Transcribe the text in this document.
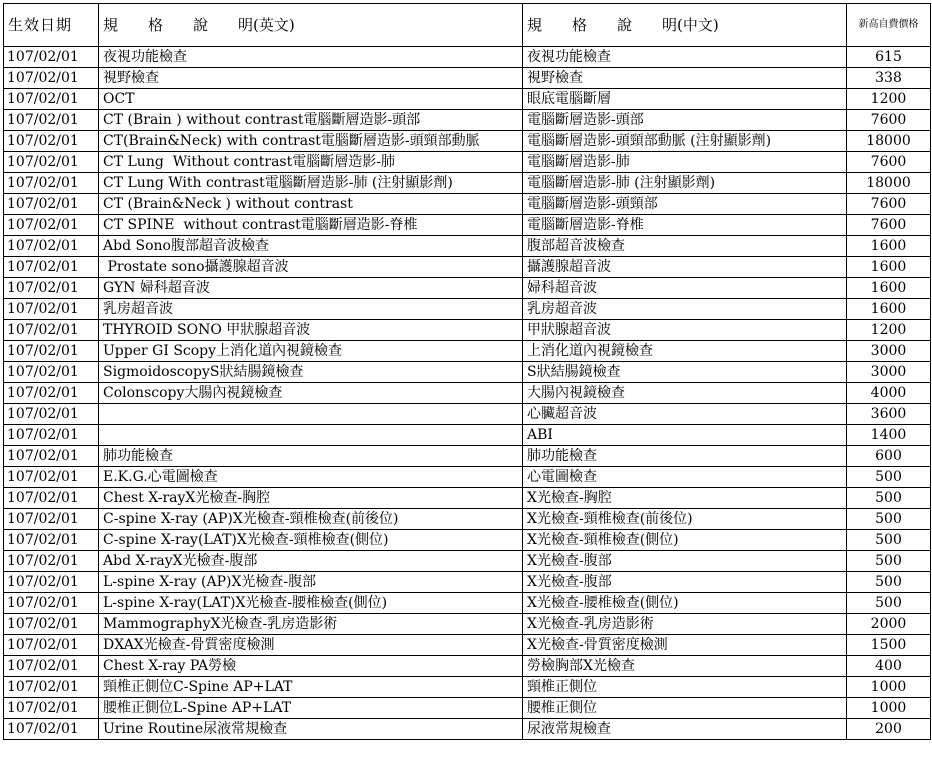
生效日期	規　　格　　說　　明(英文)	規　　格　　說　　明(中文)	新高自費價格
107/02/01	夜視功能檢查	夜視功能檢查	615
107/02/01	視野檢查	視野檢查	338
107/02/01	OCT	眼底電腦斷層	1200
107/02/01	CT (Brain ) without contrast電腦斷層造影-頭部	電腦斷層造影-頭部	7600
107/02/01	CT(Brain&Neck) with contrast電腦斷層造影-頭頸部動脈	電腦斷層造影-頭頸部動脈 (注射顯影劑)	18000
107/02/01	CT Lung  Without contrast電腦斷層造影-肺	電腦斷層造影-肺	7600
107/02/01	CT Lung With contrast電腦斷層造影-肺 (注射顯影劑)	電腦斷層造影-肺 (注射顯影劑)	18000
107/02/01	CT (Brain&Neck ) without contrast	電腦斷層造影-頭頸部	7600
107/02/01	CT SPINE  without contrast電腦斷層造影-脊椎	電腦斷層造影-脊椎	7600
107/02/01	Abd Sono腹部超音波檢查	腹部超音波檢查	1600
107/02/01	Prostate sono攝護腺超音波	攝護腺超音波	1600
107/02/01	GYN 婦科超音波	婦科超音波	1600
107/02/01	乳房超音波	乳房超音波	1600
107/02/01	THYROID SONO 甲狀腺超音波	甲狀腺超音波	1200
107/02/01	Upper GI Scopy上消化道內視鏡檢查	上消化道內視鏡檢查	3000
107/02/01	SigmoidoscopyS狀結腸鏡檢查	S狀結腸鏡檢查	3000
107/02/01	Colonscopy大腸內視鏡檢查	大腸內視鏡檢查	4000
107/02/01		心臟超音波	3600
107/02/01		ABI	1400
107/02/01	肺功能檢查	肺功能檢查	600
107/02/01	E.K.G.心電圖檢查	心電圖檢查	500
107/02/01	Chest X-rayX光檢查-胸腔	X光檢查-胸腔	500
107/02/01	C-spine X-ray (AP)X光檢查-頸椎檢查(前後位)	X光檢查-頸椎檢查(前後位)	500
107/02/01	C-spine X-ray(LAT)X光檢查-頸椎檢查(側位)	X光檢查-頸椎檢查(側位)	500
107/02/01	Abd X-rayX光檢查-腹部	X光檢查-腹部	500
107/02/01	L-spine X-ray (AP)X光檢查-腹部	X光檢查-腹部	500
107/02/01	L-spine X-ray(LAT)X光檢查-腰椎檢查(側位)	X光檢查-腰椎檢查(側位)	500
107/02/01	MammographyX光檢查-乳房造影術	X光檢查-乳房造影術	2000
107/02/01	DXAX光檢查-骨質密度檢測	X光檢查-骨質密度檢測	1500
107/02/01	Chest X-ray PA勞檢	勞檢胸部X光檢查	400
107/02/01	頸椎正側位C-Spine AP+LAT	頸椎正側位	1000
107/02/01	腰椎正側位L-Spine AP+LAT	腰椎正側位	1000
107/02/01	Urine Routine尿液常規檢查	尿液常規檢查	200
